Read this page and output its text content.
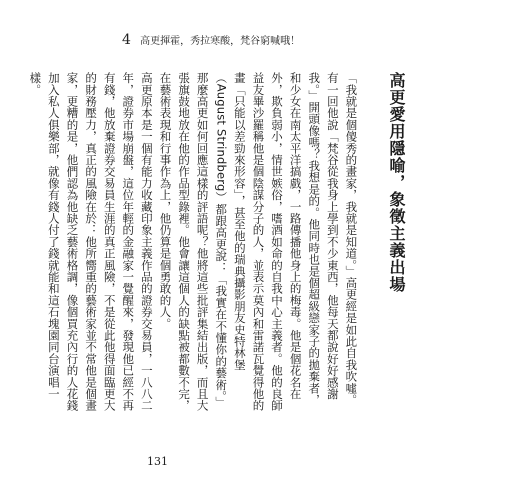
4 高更揮霍，秀拉寒酸，梵谷窮喊哦！
高更愛用隱喻，象徵主義出場
「我就是個傻秀的畫家，我就是知道。」高更經是如此自我吹噓。有一回他說「梵谷從我身上學到不少東西，他每天都說好好感謝我。」開頭像嗎？我想是的。他同時也是個超級戀家子的拋棄者，和少女在南太平洋搞戲，一路傳播他身上的梅毒。他是個花名在外，欺負弱小，情世嫉俗，嗜酒如命的自我中心主義者。他的良師益友畢沙羅稱他是個陰謀分子的人，並表示莫內和雷諾瓦覺得他的畫「只能以差勁來形容」，甚至他的瑞典攝影朋友史特林堡（August Strindberg）都跟高更說：「我實在不懂你的藝術。」
那麼高更如何回應這樣的評語呢？他將這些批評集結出版，而且大張旗鼓地放在他的作品型錄裡。他會讓這個人的缺點被都數不完，在藝術表現和行事作為上，他仍算是個勇敢的人。
高更原本是一個有能力收藏印象主義作品的證券交易員，一八八二年，證券市場崩盤，這位年輕的金融家一覺醒來，發現他已經不再有錢，他放棄證券交易員生涯的真正風險，不是從此他得面臨更大的財務壓力，真正的風險在於：他所嚮重的藝術家並不常他是個畫家，更糟的是，他們認為他缺乏藝術格調，像個買充內行的人花錢加入私人俱樂部，就像有錢人付了錢就能和這石塊園同台演唱一樣。
131
